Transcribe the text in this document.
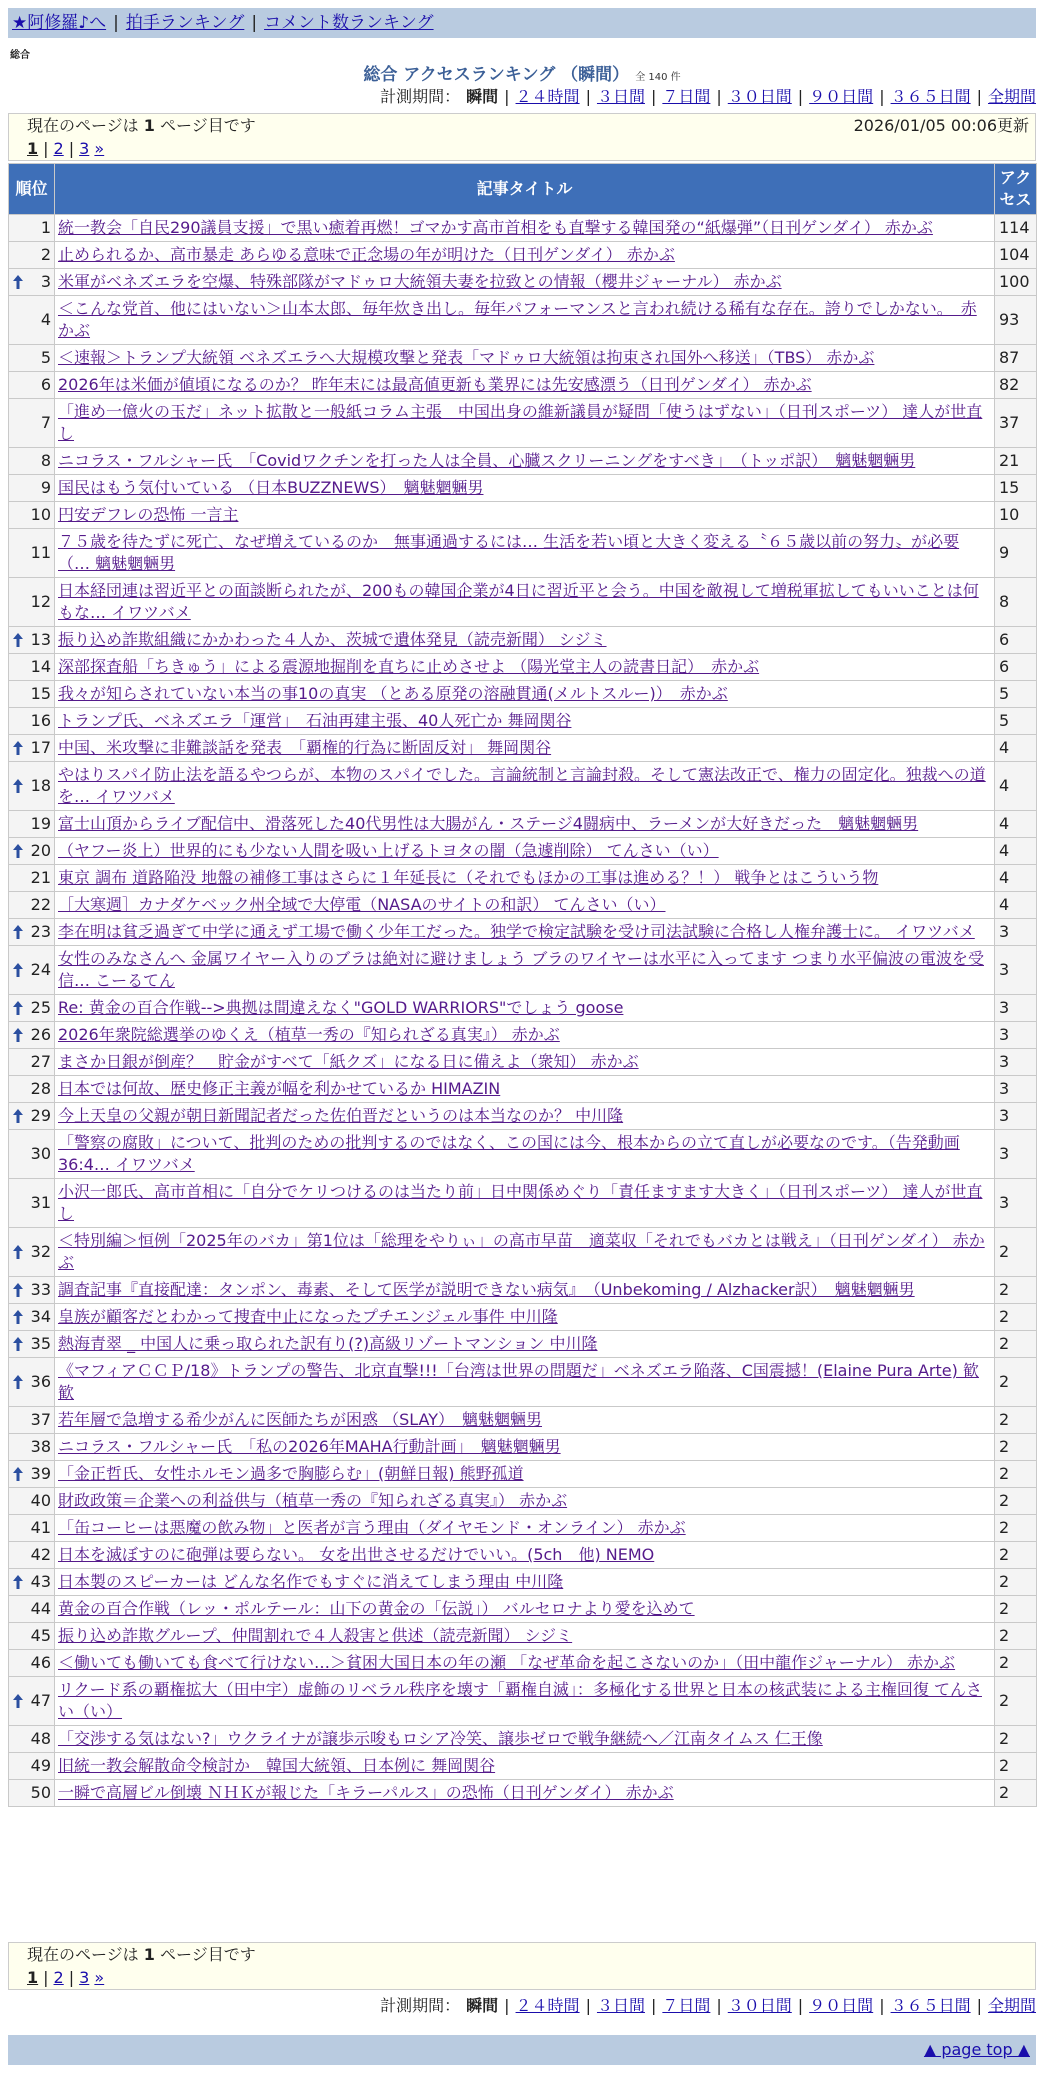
★阿修羅♪へ | 拍手ランキング | コメント数ランキング
総合
総合 アクセスランキング （瞬間） 全 140 件
計測期間： 瞬間 | ２４時間 | ３日間 | ７日間 | ３０日間 | ９０日間 | ３６５日間 | 全期間
現在のページは 1 ページ目です	2026/01/05 00:06更新
1 | 2 | 3 »
順位	記事タイトル	アクセス
1	統一教会「自民290議員支援」で黒い癒着再燃！ゴマかす高市首相をも直撃する韓国発の“紙爆弾”（日刊ゲンダイ） 赤かぶ	114
2	止められるか、高市暴走 あらゆる意味で正念場の年が明けた（日刊ゲンダイ） 赤かぶ	104

3	米軍がベネズエラを空爆、特殊部隊がマドゥロ大統領夫妻を拉致との情報（櫻井ジャーナル） 赤かぶ	100
4	＜こんな党首、他にはいない＞山本太郎、毎年炊き出し。毎年パフォーマンスと言われ続ける稀有な存在。誇りでしかない。　赤かぶ	93
5	＜速報＞トランプ大統領 ベネズエラへ大規模攻撃と発表「マドゥロ大統領は拘束され国外へ移送」（TBS） 赤かぶ	87
6	2026年は米価が値頃になるのか？ 昨年末には最高値更新も業界には先安感漂う（日刊ゲンダイ） 赤かぶ	82
7	「進め一億火の玉だ」ネット拡散と一般紙コラム主張　中国出身の維新議員が疑問「使うはずない」（日刊スポーツ） 達人が世直し	37
8	ニコラス・フルシャー氏　「Covidワクチンを打った人は全員、心臓スクリーニングをすべき」　（トッポ訳）　魑魅魍魎男	21
9	国民はもう気付いている （日本BUZZNEWS）　魑魅魍魎男	15
10	円安デフレの恐怖 一言主	10
11	７５歳を待たずに死亡、なぜ増えているのか　無事通過するには… 生活を若い頃と大きく変える〝６５歳以前の努力〟が必要（… 魑魅魍魎男	9
12	日本経団連は習近平との面談断られたが、200もの韓国企業が4日に習近平と会う。中国を敵視して増税軍拡してもいいことは何もな… イワツバメ	8

13	振り込め詐欺組織にかかわった４人か、茨城で遺体発見（読売新聞） シジミ	6
14	深部探査船「ちきゅう」による震源地掘削を直ちに止めさせよ （陽光堂主人の読書日記）　赤かぶ	6
15	我々が知らされていない本当の事10の真実 （とある原発の溶融貫通(メルトスルー)）　赤かぶ	5
16	トランプ氏、ベネズエラ「運営」　石油再建主張、40人死亡か 舞岡関谷	5

17	中国、米攻撃に非難談話を発表　「覇権的行為に断固反対」 舞岡関谷	4

18	やはりスパイ防止法を語るやつらが、本物のスパイでした。言論統制と言論封殺。そして憲法改正で、権力の固定化。独裁への道を… イワツバメ	4
19	富士山頂からライブ配信中、滑落死した40代男性は大腸がん・ステージ4闘病中、ラーメンが大好きだった　魑魅魍魎男	4

20	（ヤフー炎上）世界的にも少ない人間を吸い上げるトヨタの闇（急遽削除） てんさい（い）	4
21	東京 調布 道路陥没 地盤の補修工事はさらに１年延長に（それでもほかの工事は進める？！） 戦争とはこういう物	4
22	［大寒週］カナダケベック州全域で大停電（NASAのサイトの和訳） てんさい（い）	4

23	李在明は貧乏過ぎて中学に通えず工場で働く少年工だった。独学で検定試験を受け司法試験に合格し人権弁護士に。 イワツバメ	3

24	女性のみなさんへ 金属ワイヤー入りのブラは絶対に避けましょう ブラのワイヤーは水平に入ってます つまり水平偏波の電波を受信… こーるてん	3

25	Re: 黄金の百合作戦-->典拠は間違えなく"GOLD WARRIORS"でしょう goose	3

26	2026年衆院総選挙のゆくえ（植草一秀の『知られざる真実』） 赤かぶ	3
27	まさか日銀が倒産？　貯金がすべて「紙クズ」になる日に備えよ（衆知） 赤かぶ	3
28	日本では何故、歴史修正主義が幅を利かせているか HIMAZIN	3

29	今上天皇の父親が朝日新聞記者だった佐伯晋だというのは本当なのか？ 中川隆	3
30	「警察の腐敗」について、批判のための批判するのではなく、この国には今、根本からの立て直しが必要なのです。（告発動画36:4… イワツバメ	3
31	小沢一郎氏、高市首相に「自分でケリつけるのは当たり前」日中関係めぐり「責任ますます大きく」（日刊スポーツ） 達人が世直し	3

32	＜特別編＞恒例「2025年のバカ」第1位は「総理をやりぃ」の高市早苗　適菜収「それでもバカとは戦え」（日刊ゲンダイ） 赤かぶ	2

33	調査記事『直接配達：タンポン、毒素、そして医学が説明できない病気』　（Unbekoming / Alzhacker訳）　魑魅魍魎男	2

34	皇族が顧客だとわかって捜査中止になったプチエンジェル事件 中川隆	2

35	熱海青翠 _ 中国人に乗っ取られた訳有り(?)高級リゾートマンション 中川隆	2

36	《マフィアＣＣＰ/18》トランプの警告、北京直撃!!!「台湾は世界の問題だ」ベネズエラ陥落、C国震撼！(Elaine Pura Arte) 歓歓	2
37	若年層で急増する希少がんに医師たちが困惑 （SLAY）　魑魅魍魎男	2
38	ニコラス・フルシャー氏　「私の2026年MAHA行動計画」　魑魅魍魎男	2

39	「金正哲氏、女性ホルモン過多で胸膨らむ」(朝鮮日報) 熊野孤道	2
40	財政政策＝企業への利益供与（植草一秀の『知られざる真実』） 赤かぶ	2
41	「缶コーヒーは悪魔の飲み物」と医者が言う理由（ダイヤモンド・オンライン） 赤かぶ	2
42	日本を滅ぼすのに砲弾は要らない。 女を出世させるだけでいい。(5ch　他) NEMO	2

43	日本製のスピーカーは どんな名作でもすぐに消えてしまう理由 中川隆	2
44	黄金の百合作戦（レッ・ポルテール：山下の黄金の「伝説」） バルセロナより愛を込めて	2
45	振り込め詐欺グループ、仲間割れで４人殺害と供述（読売新聞） シジミ	2
46	＜働いても働いても食べて行けない…＞貧困大国日本の年の瀬 「なぜ革命を起こさないのか」（田中龍作ジャーナル） 赤かぶ	2

47	リクード系の覇権拡大（田中宇）虚飾のリベラル秩序を壊す「覇権自滅」：多極化する世界と日本の核武装による主権回復 てんさい（い）	2
48	「交渉する気はない?」ウクライナが譲歩示唆もロシア冷笑、譲歩ゼロで戦争継続へ／江南タイムス 仁王像	2
49	旧統一教会解散命令検討か　韓国大統領、日本例に 舞岡関谷	2
50	一瞬で高層ビル倒壊 ＮＨＫが報じた「キラーパルス」の恐怖（日刊ゲンダイ） 赤かぶ	2
現在のページは 1 ページ目です
1 | 2 | 3 »
計測期間： 瞬間 | ２４時間 | ３日間 | ７日間 | ３０日間 | ９０日間 | ３６５日間 | 全期間
▲ page top ▲
